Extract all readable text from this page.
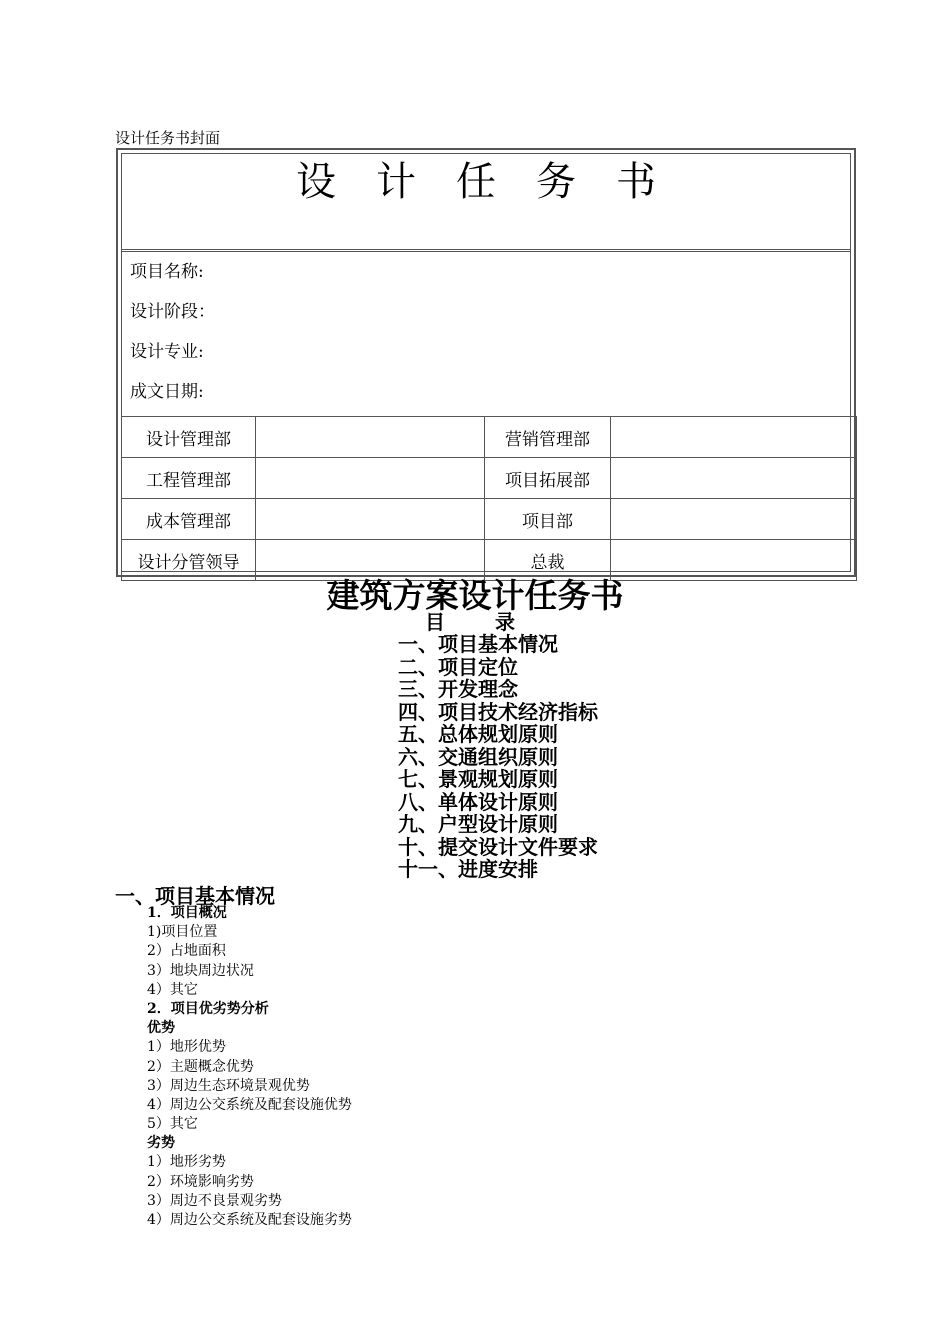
设计任务书封面
设计任务书
项目名称:
设计阶段：
设计专业:
成文日期:
设计管理部		营销管理部	
工程管理部		项目拓展部	
成本管理部		项目部	
设计分管领导		总裁	
建筑方案设计任务书
目录
一、项目基本情况
二、项目定位
三、开发理念
四、项目技术经济指标
五、总体规划原则
六、交通组织原则
七、景观规划原则
八、单体设计原则
九、户型设计原则
十、提交设计文件要求
十一、进度安排
一、项目基本情况
1．项目概况
1)项目位置
2）占地面积
3）地块周边状况
4）其它
2．项目优劣势分析
优势
1）地形优势
2）主题概念优势
3）周边生态环境景观优势
4）周边公交系统及配套设施优势
5）其它
劣势
1）地形劣势
2）环境影响劣势
3）周边不良景观劣势
4）周边公交系统及配套设施劣势
